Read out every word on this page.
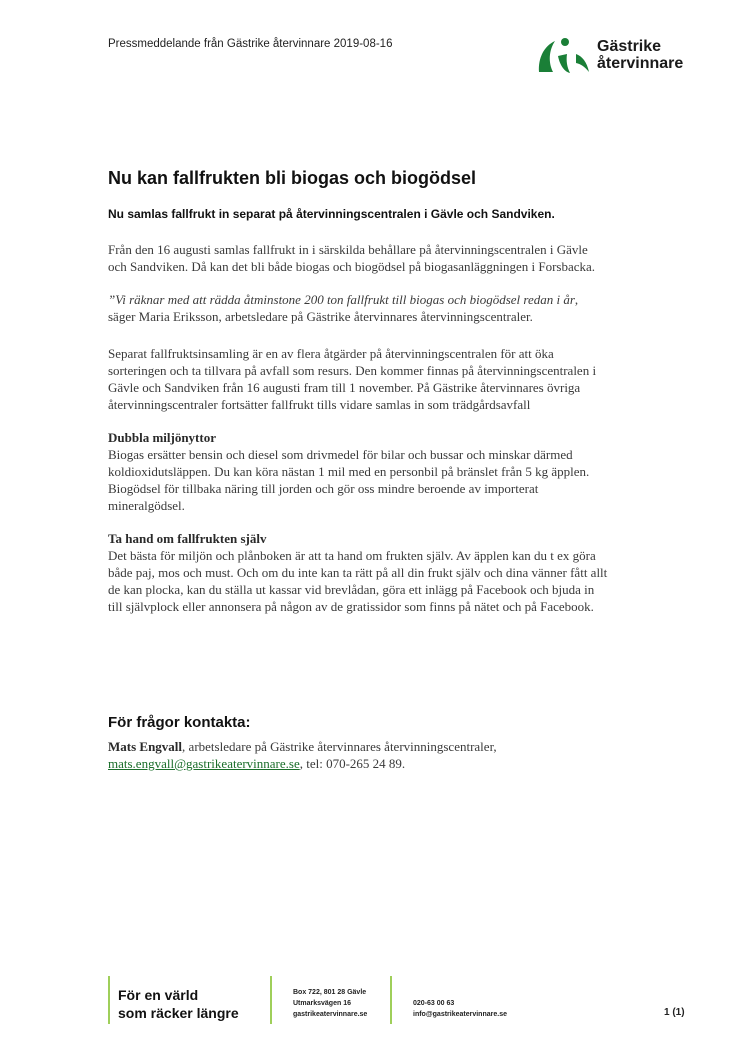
Pressmeddelande från Gästrike återvinnare 2019-08-16	Gästrike
återvinnare
Nu kan fallfrukten bli biogas och biogödsel
Nu samlas fallfrukt in separat på återvinningscentralen i Gävle och Sandviken.

Från den 16 augusti samlas fallfrukt in i särskilda behållare på återvinningscentralen i Gävle och Sandviken. Då kan det bli både biogas och biogödsel på biogasanläggningen i Forsbacka.

”Vi räknar med att rädda åtminstone 200 ton fallfrukt till biogas och biogödsel redan i år, säger Maria Eriksson, arbetsledare på Gästrike återvinnares återvinningscentraler.

Separat fallfruktsinsamling är en av flera åtgärder på återvinningscentralen för att öka sorteringen och ta tillvara på avfall som resurs. Den kommer finnas på återvinningscentralen i Gävle och Sandviken från 16 augusti fram till 1 november. På Gästrike återvinnares övriga återvinningscentraler fortsätter fallfrukt tills vidare samlas in som trädgårdsavfall

Dubbla miljönyttor

Biogas ersätter bensin och diesel som drivmedel för bilar och bussar och minskar därmed koldioxidutsläppen. Du kan köra nästan 1 mil med en personbil på bränslet från 5 kg äpplen. Biogödsel för tillbaka näring till jorden och gör oss mindre beroende av importerat mineralgödsel.

Ta hand om fallfrukten själv

Det bästa för miljön och plånboken är att ta hand om frukten själv. Av äpplen kan du t ex göra både paj, mos och must. Och om du inte kan ta rätt på all din frukt själv och dina vänner fått allt de kan plocka, kan du ställa ut kassar vid brevlådan, göra ett inlägg på Facebook och bjuda in till självplock eller annonsera på någon av de gratissidor som finns på nätet och på Facebook.

För frågor kontakta:
Mats Engvall, arbetsledare på Gästrike återvinnares återvinningscentraler,
mats.engvall@gastrikeatervinnare.se, tel: 070-265 24 89.
För en värld
som räcker längre
Box 722, 801 28 Gävle
Utmarksvägen 16
gastrikeatervinnare.se
020-63 00 63
info@gastrikeatervinnare.se	1 (1)
